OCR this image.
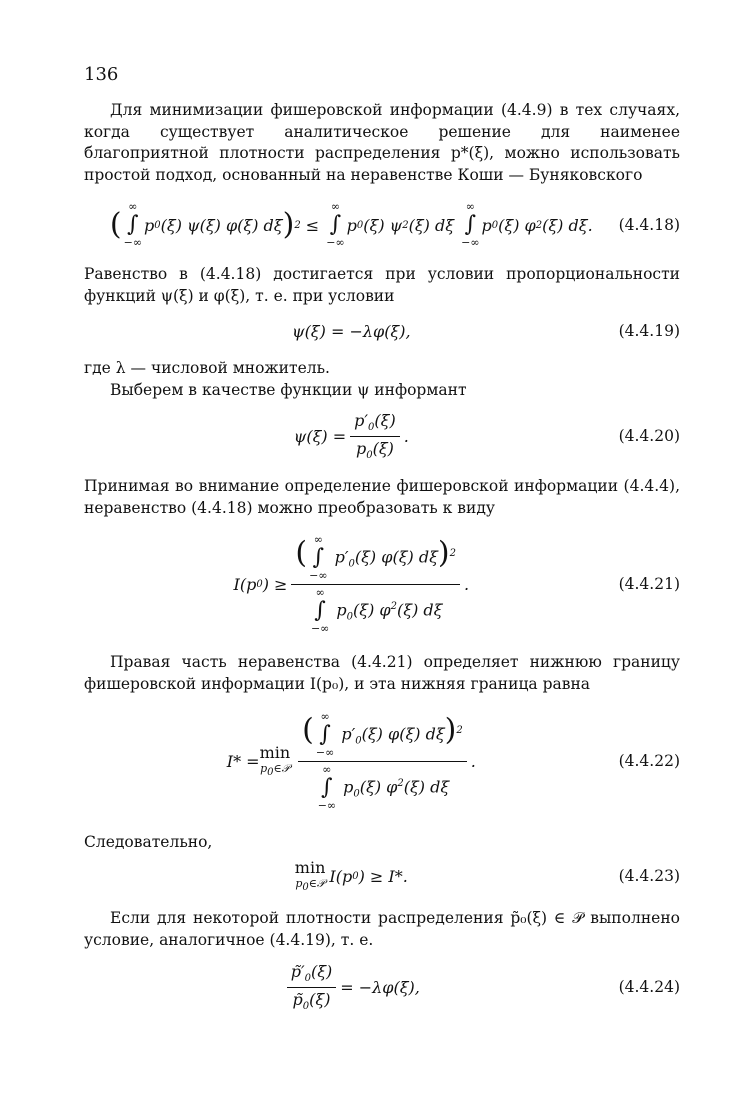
136
Для минимизации фишеровской информации (4.4.9) в тех случаях, когда существует аналитическое решение для наименее благоприятной плотности распределения p*(ξ), можно использовать простой подход, основанный на неравенстве Коши — Буняковского
(
∞
∫
−∞
p 0 (ξ) ψ(ξ) φ(ξ) dξ ) 2 ≤
∞
∫
−∞
p 0 (ξ) ψ 2 (ξ) dξ
∞
∫
−∞
p 0 (ξ) φ 2 (ξ) dξ.	(4.4.18)
Равенство в (4.4.18) достигается при условии пропорциональности функций ψ(ξ) и φ(ξ), т. е. при условии
ψ(ξ) = −λφ(ξ),	(4.4.19)
где λ — числовой множитель.
Выберем в качестве функции ψ информант
$\psi(\xi) = \frac{p'_0(\xi)}{p_0(\xi)}$ .	(4.4.20)
Принимая во внимание определение фишеровской информации (4.4.4), неравенство (4.4.18) можно преобразовать к виду
I(p 0 ) ≥ ( ∞
∫
−∞
$p'_0(\xi)$ φ(ξ) dξ)$^2$
∞
∫
−∞
$p_0(\xi)$ $\varphi^2(\xi)$ dξ .	(4.4.21)
Правая часть неравенства (4.4.21) определяет нижнюю границу фишеровской информации I(p₀), и эта нижняя граница равна
I* = min
$p_0\in 𝒫$ ( ∞
∫
−∞
$p'_0(\xi)$ φ(ξ) dξ)$^2$
∞
∫
−∞
$p_0(\xi)$ $\varphi^2(\xi)$ dξ .	(4.4.22)
Следовательно,
min
$p_0\in 𝒫$ I(p 0 ) ≥ I*.	(4.4.23)
Если для некоторой плотности распределения p̃₀(ξ) ∈ 𝒫 выполнено условие, аналогичное (4.4.19), т. е.
$\frac{p̃'_0(\xi)}{p̃_0(\xi)} = -\lambda\varphi(\xi)$,	(4.4.24)
